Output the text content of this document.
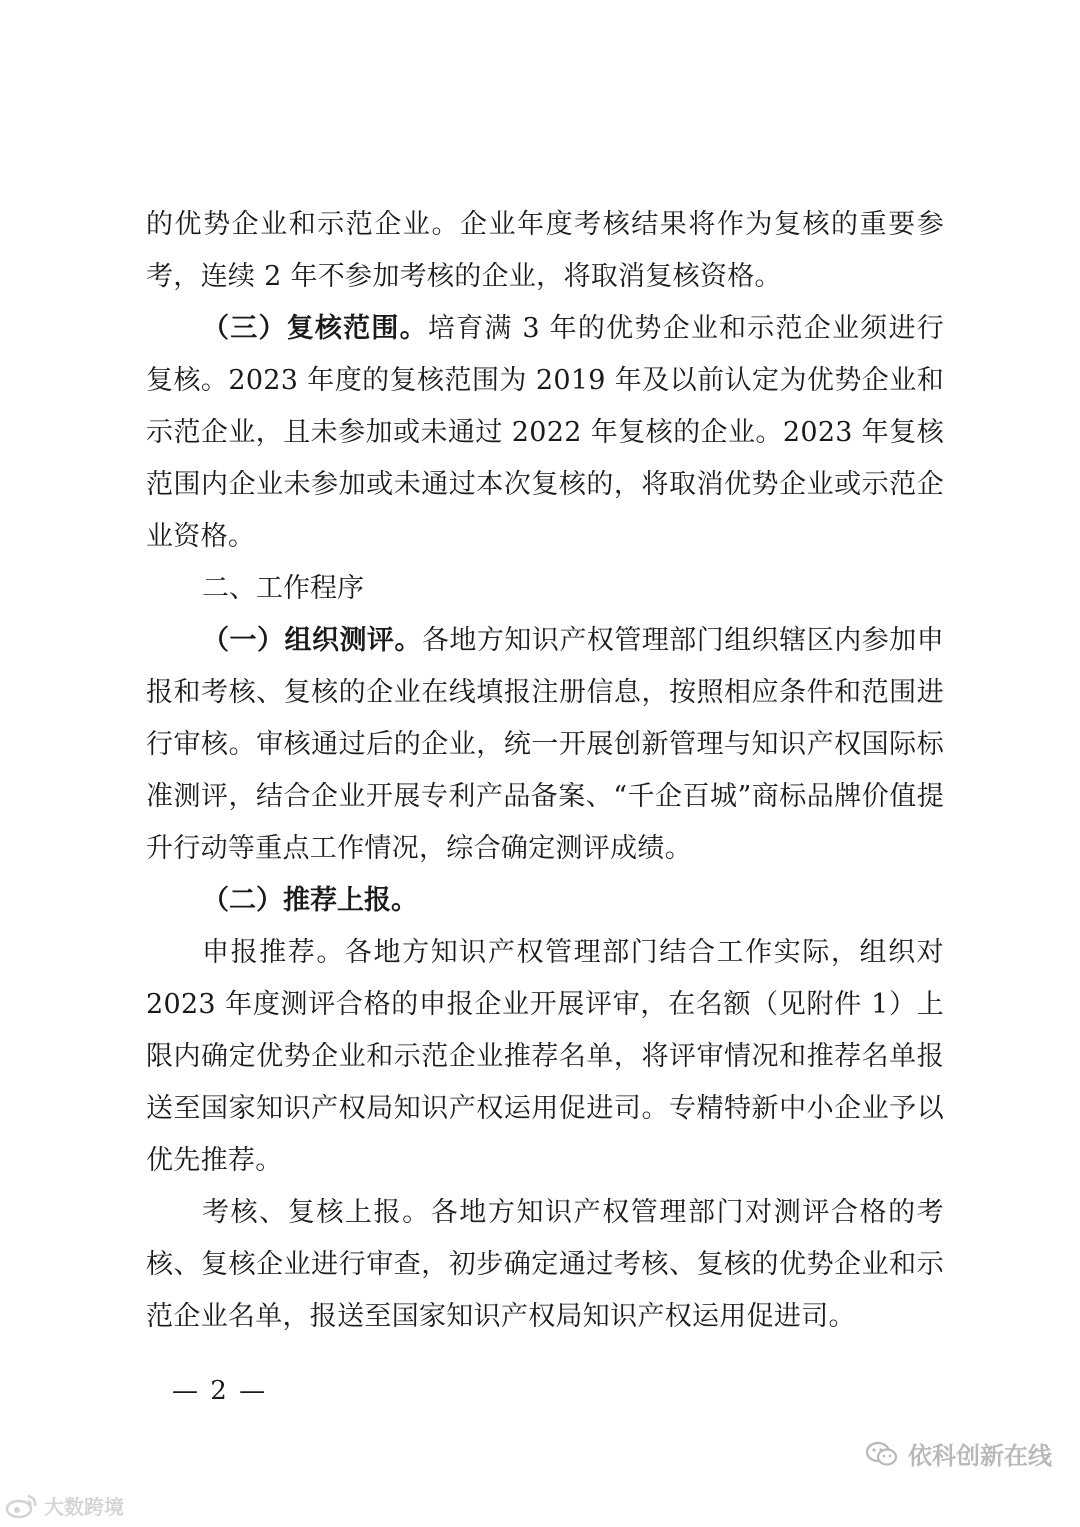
的优势企业和示范企业。企业年度考核结果将作为复核的重要参考，连续 2 年不参加考核的企业，将取消复核资格。

（三）复核范围。培育满 3 年的优势企业和示范企业须进行复核。2023 年度的复核范围为 2019 年及以前认定为优势企业和示范企业，且未参加或未通过 2022 年复核的企业。2023 年复核范围内企业未参加或未通过本次复核的，将取消优势企业或示范企业资格。

二、工作程序

（一）组织测评。各地方知识产权管理部门组织辖区内参加申报和考核、复核的企业在线填报注册信息，按照相应条件和范围进行审核。审核通过后的企业，统一开展创新管理与知识产权国际标准测评，结合企业开展专利产品备案、“千企百城”商标品牌价值提升行动等重点工作情况，综合确定测评成绩。

（二）推荐上报。

申报推荐。各地方知识产权管理部门结合工作实际，组织对 2023 年度测评合格的申报企业开展评审，在名额（见附件 1）上限内确定优势企业和示范企业推荐名单，将评审情况和推荐名单报送至国家知识产权局知识产权运用促进司。专精特新中小企业予以优先推荐。

考核、复核上报。各地方知识产权管理部门对测评合格的考核、复核企业进行审查，初步确定通过考核、复核的优势企业和示范企业名单，报送至国家知识产权局知识产权运用促进司。

— 2 —
大数跨境
依科创新在线
